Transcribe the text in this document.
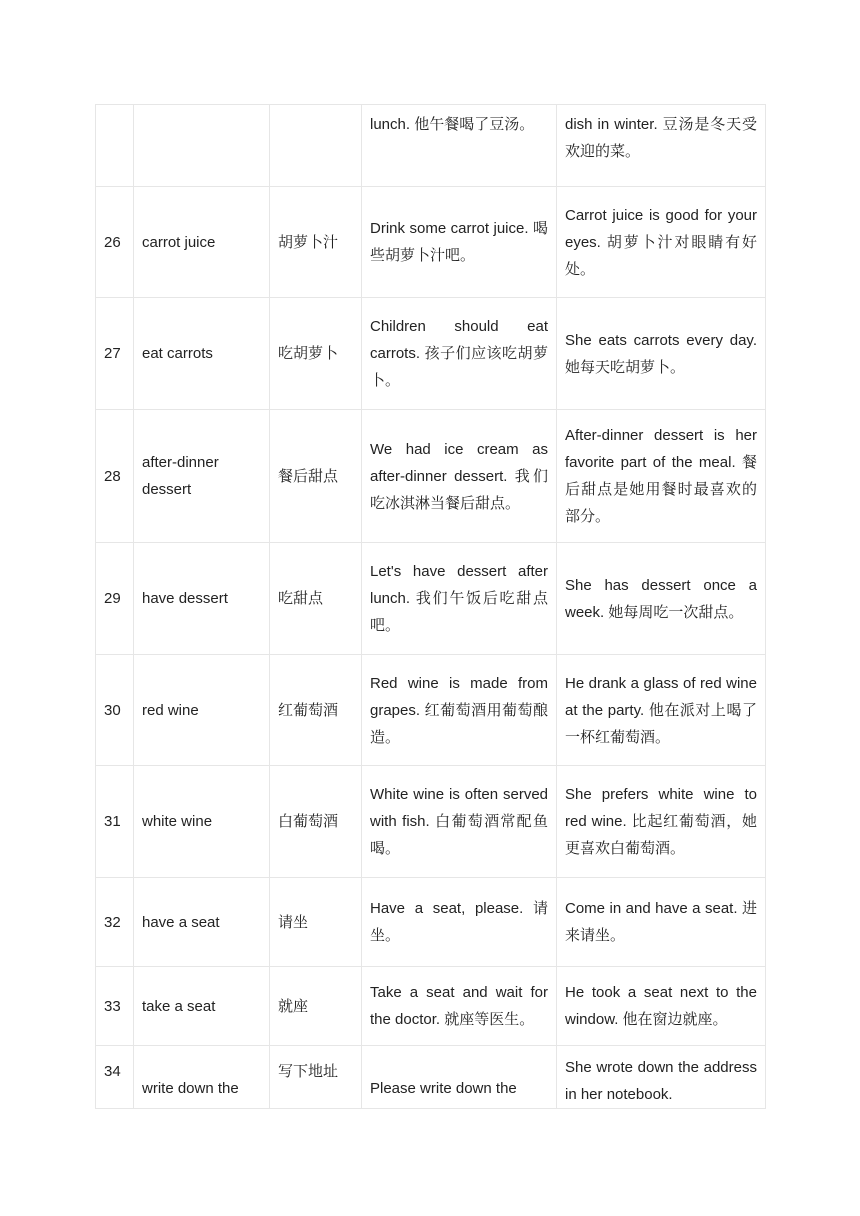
			lunch. 他午餐喝了豆汤。	dish in winter. 豆汤是冬天受欢迎的菜。
26	carrot juice	胡萝卜汁	Drink some carrot juice. 喝些胡萝卜汁吧。	Carrot juice is good for your eyes. 胡萝卜汁对眼睛有好处。
27	eat carrots	吃胡萝卜	Children should eat carrots. 孩子们应该吃胡萝卜。	She eats carrots every day. 她每天吃胡萝卜。
28	after-dinner dessert	餐后甜点	We had ice cream as after-dinner dessert. 我们吃冰淇淋当餐后甜点。	After-dinner dessert is her favorite part of the meal. 餐后甜点是她用餐时最喜欢的部分。
29	have dessert	吃甜点	Let's have dessert after lunch. 我们午饭后吃甜点吧。	She has dessert once a week. 她每周吃一次甜点。
30	red wine	红葡萄酒	Red wine is made from grapes. 红葡萄酒用葡萄酿造。	He drank a glass of red wine at the party. 他在派对上喝了一杯红葡萄酒。
31	white wine	白葡萄酒	White wine is often served with fish. 白葡萄酒常配鱼喝。	She prefers white wine to red wine. 比起红葡萄酒，她更喜欢白葡萄酒。
32	have a seat	请坐	Have a seat, please. 请坐。	Come in and have a seat. 进来请坐。
33	take a seat	就座	Take a seat and wait for the doctor. 就座等医生。	He took a seat next to the window. 他在窗边就座。
34	write down the	写下地址	Please write down the	She wrote down the address in her notebook.
